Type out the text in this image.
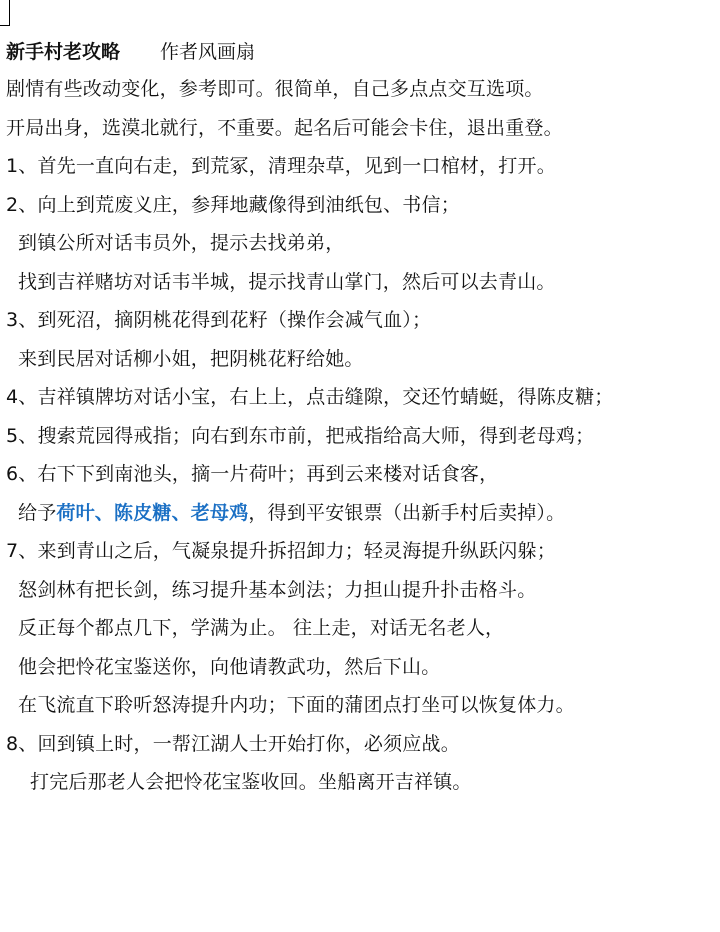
新手村老攻略 作者风画扇
剧情有些改动变化，参考即可。很简单，自己多点点交互选项。
开局出身，选漠北就行，不重要。起名后可能会卡住，退出重登。
1、首先一直向右走，到荒冢，清理杂草，见到一口棺材，打开。
2、向上到荒废义庄，参拜地藏像得到油纸包、书信；
到镇公所对话韦员外，提示去找弟弟，
找到吉祥赌坊对话韦半城，提示找青山掌门，然后可以去青山。
3、到死沼，摘阴桃花得到花籽（操作会减气血）；
来到民居对话柳小姐，把阴桃花籽给她。
4、吉祥镇牌坊对话小宝，右上上，点击缝隙，交还竹蜻蜓，得陈皮糖；
5、搜索荒园得戒指；向右到东市前，把戒指给高大师，得到老母鸡；
6、右下下到南池头，摘一片荷叶；再到云来楼对话食客，
给予荷叶、陈皮糖、老母鸡，得到平安银票（出新手村后卖掉）。
7、来到青山之后，气凝泉提升拆招卸力；轻灵海提升纵跃闪躲；
怒剑林有把长剑，练习提升基本剑法；力担山提升扑击格斗。
反正每个都点几下，学满为止。 往上走，对话无名老人，
他会把怜花宝鉴送你，向他请教武功，然后下山。
在飞流直下聆听怒涛提升内功；下面的蒲团点打坐可以恢复体力。
8、回到镇上时，一帮江湖人士开始打你，必须应战。
打完后那老人会把怜花宝鉴收回。坐船离开吉祥镇。
